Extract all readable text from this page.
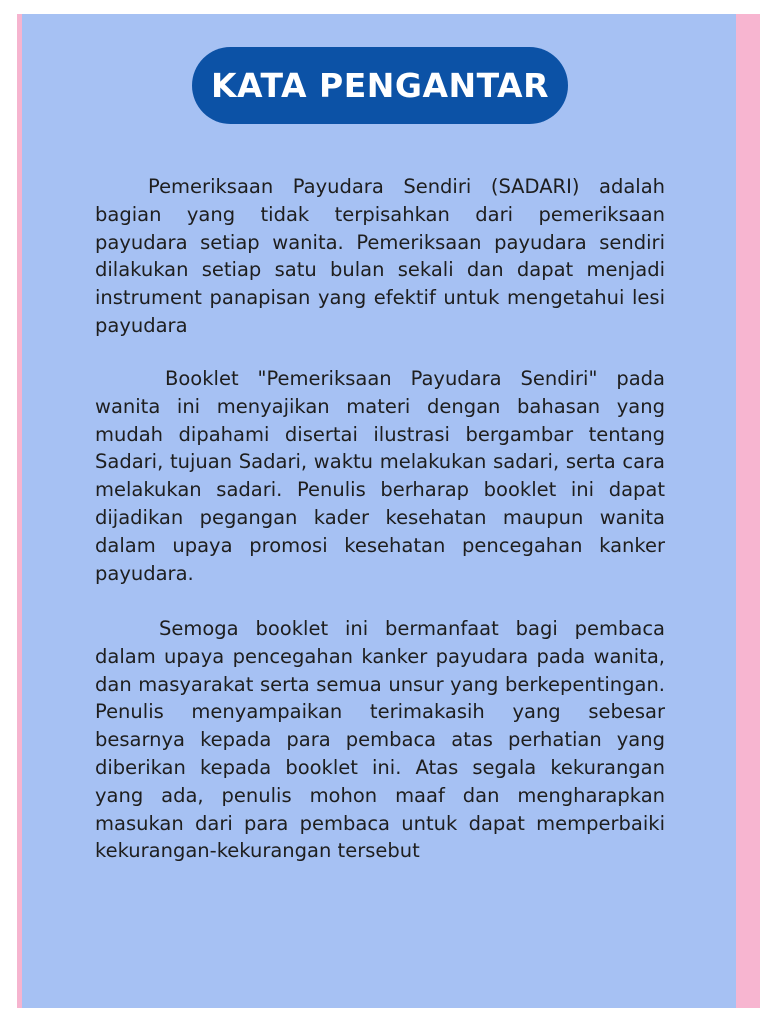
KATA PENGANTAR

Pemeriksaan Payudara Sendiri (SADARI) adalah bagian yang tidak terpisahkan dari pemeriksaan payudara setiap wanita. Pemeriksaan payudara sendiri dilakukan setiap satu bulan sekali dan dapat menjadi instrument panapisan yang efektif untuk mengetahui lesi payudara

Booklet "Pemeriksaan Payudara Sendiri" pada wanita ini menyajikan materi dengan bahasan yang mudah dipahami disertai ilustrasi bergambar tentang Sadari, tujuan Sadari, waktu melakukan sadari, serta cara melakukan sadari. Penulis berharap booklet ini dapat dijadikan pegangan kader kesehatan maupun wanita dalam upaya promosi kesehatan pencegahan kanker payudara.

Semoga booklet ini bermanfaat bagi pembaca dalam upaya pencegahan kanker payudara pada wanita, dan masyarakat serta semua unsur yang berkepentingan. Penulis menyampaikan terimakasih yang sebesar besarnya kepada para pembaca atas perhatian yang diberikan kepada booklet ini. Atas segala kekurangan yang ada, penulis mohon maaf dan mengharapkan masukan dari para pembaca untuk dapat memperbaiki kekurangan-kekurangan tersebut
